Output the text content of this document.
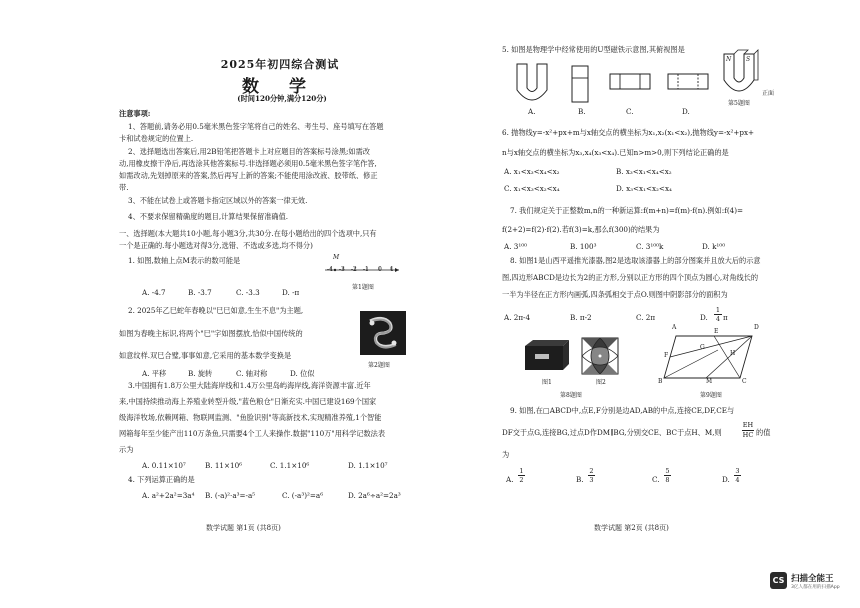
2025年初四综合测试
数 学
(时间120分钟,满分120分)
注意事项:
1、答题前,请务必用0.5毫米黑色签字笔将自己的姓名、考生号、座号填写在答题
卡和试卷规定的位置上.
2、选择题选出答案后,用2B铅笔把答题卡上对应题目的答案标号涂黑;如需改
动,用橡皮擦干净后,再选涂其他答案标号.非选择题必须用0.5毫米黑色签字笔作答,
如需改动,先划掉原来的答案,然后再写上新的答案;不能使用涂改液、胶带纸、修正
带.
3、不能在试卷上或答题卡指定区域以外的答案一律无效.
4、不要求保留精确度的题目,计算结果保留准确值.
一、选择题(本大题共10小题,每小题3分,共30分.在每小题给出的四个选项中,只有
一个是正确的.每小题选对得3分,选错、不选或多选,均不得分)
1. 如图,数轴上点M表示的数可能是	M
-4 -3 -2 -1 0 1
第1题图
A. -4.7	B. -3.7	C. -3.3	D. -π
2. 2025年乙巳蛇年春晚以"巳巳如意,生生不息"为主题,
如图为春晚主标识,将两个"巳"字如图摆放,恰似中国传统的
如意纹样.双巳合璧,事事如意,它采用的基本数学变换是
第2题图
A. 平移	B. 旋转	C. 轴对称	D. 位似
3.中国拥有1.8万公里大陆海岸线和1.4万公里岛屿海岸线,海洋资源丰富.近年
来,中国持续推动海上养殖业转型升级,"蓝色粮仓"日渐充实.中国已建设169个国家
级海洋牧场,依赖网箱、物联网监测、"鱼脸识别"等高新技术,实现精准养殖,1个智能
网箱每年至少能产出110万条鱼,只需要4个工人来操作.数据"110万"用科学记数法表
示为
A. 0.11×10⁷	B. 11×10⁶	C. 1.1×10⁶	D. 1.1×10⁷
4. 下列运算正确的是
A. a²+2a²=3a⁴ B. (-a)²·a³=-a⁵	C. (-a³)²=a⁶	D. 2a⁶÷a²=2a³
数学试题 第1页 (共8页)
5. 如图是物理学中经常使用的U型磁铁示意图,其俯视图是
N S
正面
第5题图
A.	B.	C.	D.
6. 抛物线y=-x²+px+m与x轴交点的横坐标为x₁,x₂(x₁<x₂),抛物线y=-x²+px+
n与x轴交点的横坐标为x₃,x₄(x₃<x₄).已知n>m>0,则下列结论正确的是
A. x₁<x₃<x₄<x₂	B. x₃<x₁<x₄<x₂
C. x₁<x₃<x₂<x₄	D. x₃<x₁<x₂<x₄
7. 我们规定关于正整数m,n的一种新运算:f(m+n)=f(m)·f(n).例如:f(4)=
f(2+2)=f(2)·f(2).若f(3)=k,那么f(300)的结果为
A. 3¹⁰⁰	B. 100³	C. 3¹⁰⁰k	D. k¹⁰⁰
8. 如图1是山西平遥推光漆器,图2是选取该漆器上的部分图案并且放大后的示意
图,四边形ABCD是边长为2的正方形,分别以正方形的四个顶点为圆心,对角线长的
一半为半径在正方形内画弧,四条弧相交于点O.则图中阴影部分的面积为
A. 2π-4	B. π-2	C. 2π	D. $\frac{1}{4}$ π
图1	图2
第8题图
A	D
B	C
F
E
G
H
M
第9题图
9. 如图,在□ABCD中,点E,F分别是边AD,AB的中点,连接CE,DF,CE与
DF交于点G,连接BG,过点D作DM∥BG,分别交CE、BC于点H、M,则	$\frac{EH}{HC}$ 的值
为
A. $\frac{1}{2}$	B. $\frac{2}{3}$	C. $\frac{5}{8}$	D. $\frac{3}{4}$
数学试题 第2页 (共8页)
CS 扫描全能王
3亿人都在用的扫描App
